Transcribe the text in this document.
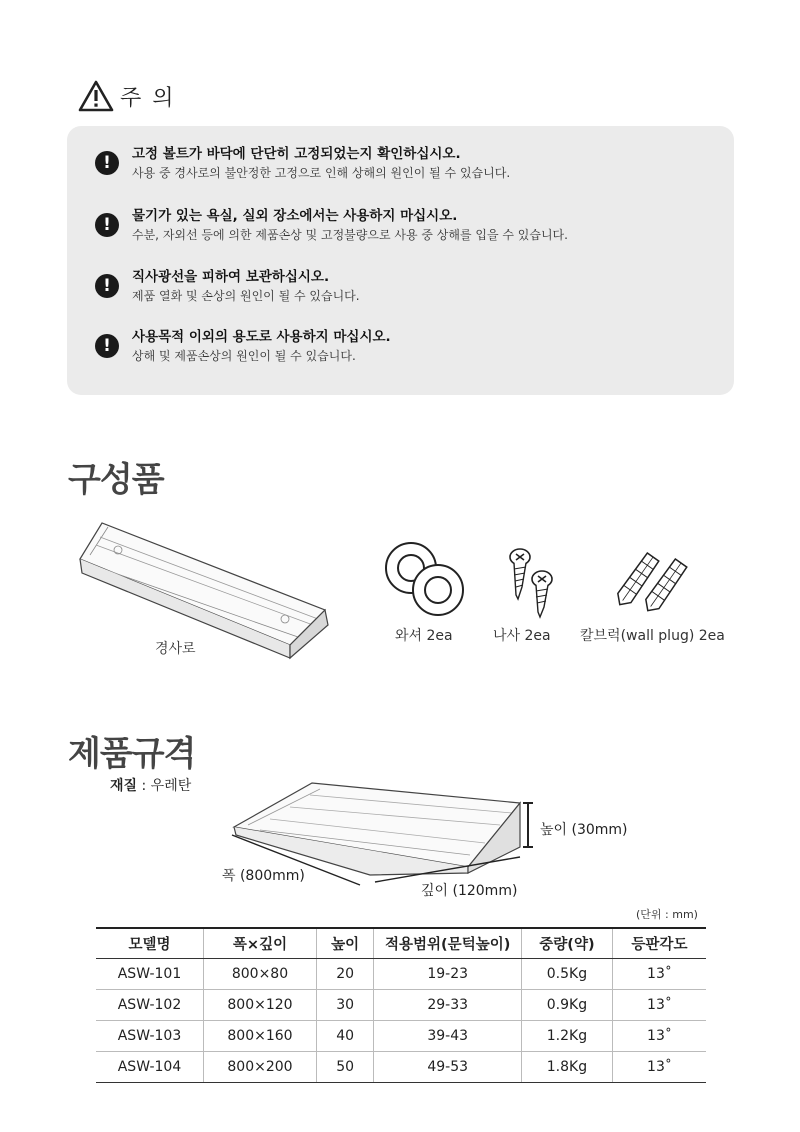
주 의
!	고정 볼트가 바닥에 단단히 고정되었는지 확인하십시오.
사용 중 경사로의 불안정한 고정으로 인해 상해의 원인이 될 수 있습니다.
!	물기가 있는 욕실, 실외 장소에서는 사용하지 마십시오.
수분, 자외선 등에 의한 제품손상 및 고정불량으로 사용 중 상해를 입을 수 있습니다.
!	직사광선을 피하여 보관하십시오.
제품 열화 및 손상의 원인이 될 수 있습니다.
!	사용목적 이외의 용도로 사용하지 마십시오.
상해 및 제품손상의 원인이 될 수 있습니다.
구성품
경사로
와셔 2ea	나사 2ea 칼브럭(wall plug) 2ea
제품규격
재질 : 우레탄
높이 (30mm)
폭 (800mm)
깊이 (120mm)
(단위 : mm)
모델명	폭×깊이	높이	적용범위(문턱높이)	중량(약)	등판각도
ASW-101	800×80	20	19-23	0.5Kg	13˚
ASW-102	800×120	30	29-33	0.9Kg	13˚
ASW-103	800×160	40	39-43	1.2Kg	13˚
ASW-104	800×200	50	49-53	1.8Kg	13˚
